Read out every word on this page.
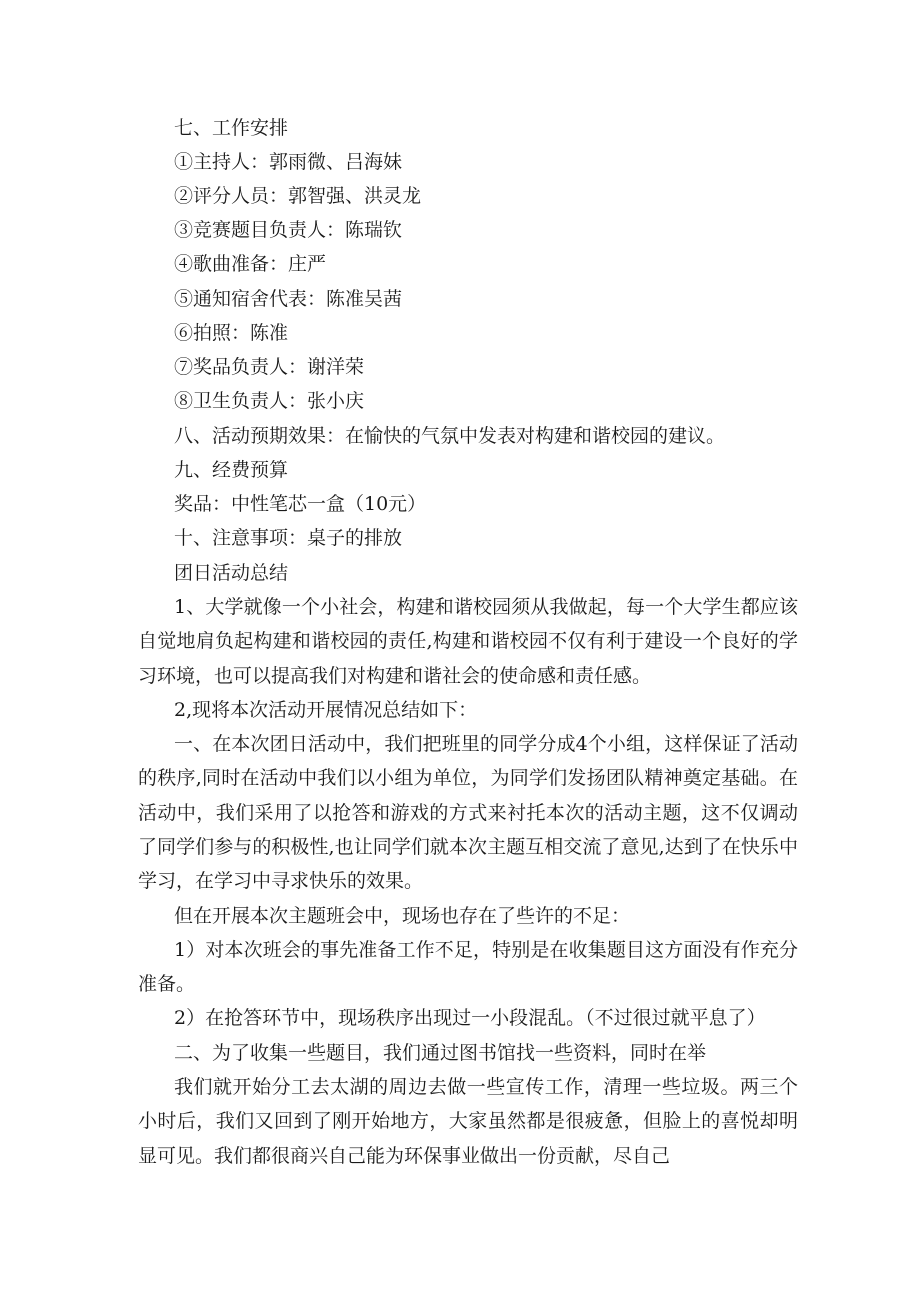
七、工作安排
①主持人：郭雨微、吕海妹
②评分人员：郭智强、洪灵龙
③竞赛题目负责人：陈瑞钦
④歌曲准备：庄严
⑤通知宿舍代表：陈准吴茜
⑥拍照：陈准
⑦奖品负责人：谢洋荣
⑧卫生负责人：张小庆
八、活动预期效果：在愉快的气氛中发表对构建和谐校园的建议。
九、经费预算
奖品：中性笔芯一盒（10元）
十、注意事项：桌子的排放
团日活动总结
1、大学就像一个小社会，构建和谐校园须从我做起，每一个大学生都应该自觉地肩负起构建和谐校园的责任,构建和谐校园不仅有利于建设一个良好的学习环境，也可以提高我们对构建和谐社会的使命感和责任感。
2,现将本次活动开展情况总结如下：
一、在本次团日活动中，我们把班里的同学分成4个小组，这样保证了活动的秩序,同时在活动中我们以小组为单位，为同学们发扬团队精神奠定基础。在活动中，我们采用了以抢答和游戏的方式来衬托本次的活动主题，这不仅调动了同学们参与的积极性,也让同学们就本次主题互相交流了意见,达到了在快乐中学习，在学习中寻求快乐的效果。
但在开展本次主题班会中，现场也存在了些许的不足：
1）对本次班会的事先准备工作不足，特别是在收集题目这方面没有作充分准备。
2）在抢答环节中，现场秩序出现过一小段混乱。（不过很过就平息了）
二、为了收集一些题目，我们通过图书馆找一些资料，同时在举
我们就开始分工去太湖的周边去做一些宣传工作，清理一些垃圾。两三个小时后，我们又回到了刚开始地方，大家虽然都是很疲惫，但脸上的喜悦却明显可见。我们都很商兴自己能为环保事业做出一份贡献，尽自己
